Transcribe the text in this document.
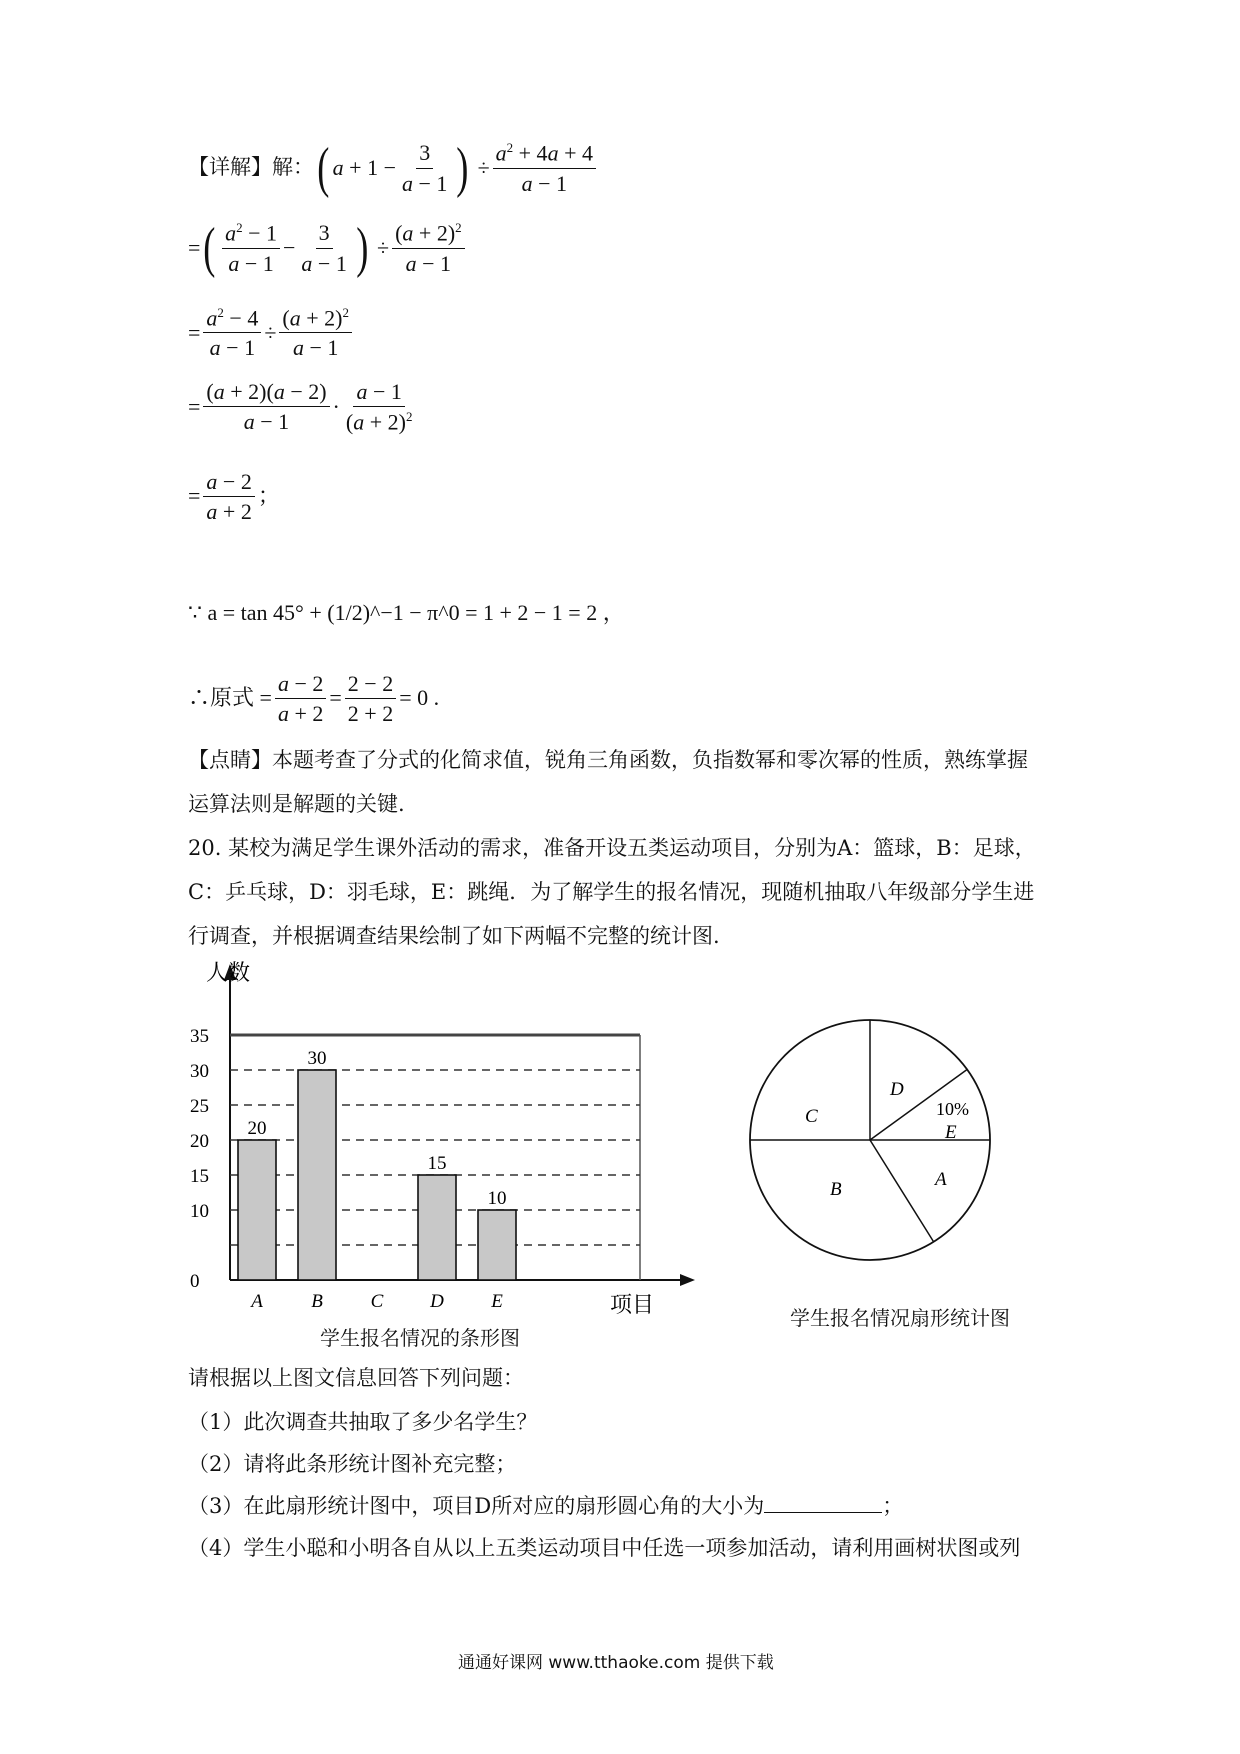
【详解】解： ( $a + 1 - \frac{3}{a - 1}$ ) ÷ $\frac{a^2 + 4a + 4}{a - 1}$
= ( $\frac{a^2 - 1}{a - 1} - \frac{3}{a - 1}$ ) ÷ $\frac{(a + 2)^2}{a - 1}$
= $\frac{a^2 - 4}{a - 1} \div \frac{(a + 2)^2}{a - 1}$
= $\frac{(a + 2)(a - 2)}{a - 1} \cdot \frac{a - 1}{(a + 2)^2}$
= $\frac{a - 2}{a + 2}$ ；
∵ a = tan 45° + (1/2)^−1 − π^0 = 1 + 2 − 1 = 2 ，
∴原式 = $\frac{a - 2}{a + 2} = \frac{2 - 2}{2 + 2} = 0$ .
【点睛】本题考查了分式的化简求值，锐角三角函数，负指数幂和零次幂的性质，熟练掌握
运算法则是解题的关键.
20. 某校为满足学生课外活动的需求，准备开设五类运动项目，分别为A：篮球，B：足球，
C：乒乓球，D：羽毛球，E：跳绳．为了解学生的报名情况，现随机抽取八年级部分学生进
行调查，并根据调查结果绘制了如下两幅不完整的统计图.
0
10
15
20
25
30
35
人数
项目
20
A
30
B	C
15
D
10
E
学生报名情况的条形图
A
B
C
D
E
10%
学生报名情况扇形统计图
请根据以上图文信息回答下列问题：
（1）此次调查共抽取了多少名学生？
（2）请将此条形统计图补充完整；
（3）在此扇形统计图中，项目D所对应的扇形圆心角的大小为	；
（4）学生小聪和小明各自从以上五类运动项目中任选一项参加活动，请利用画树状图或列
通通好课网 www.tthaoke.com 提供下载
